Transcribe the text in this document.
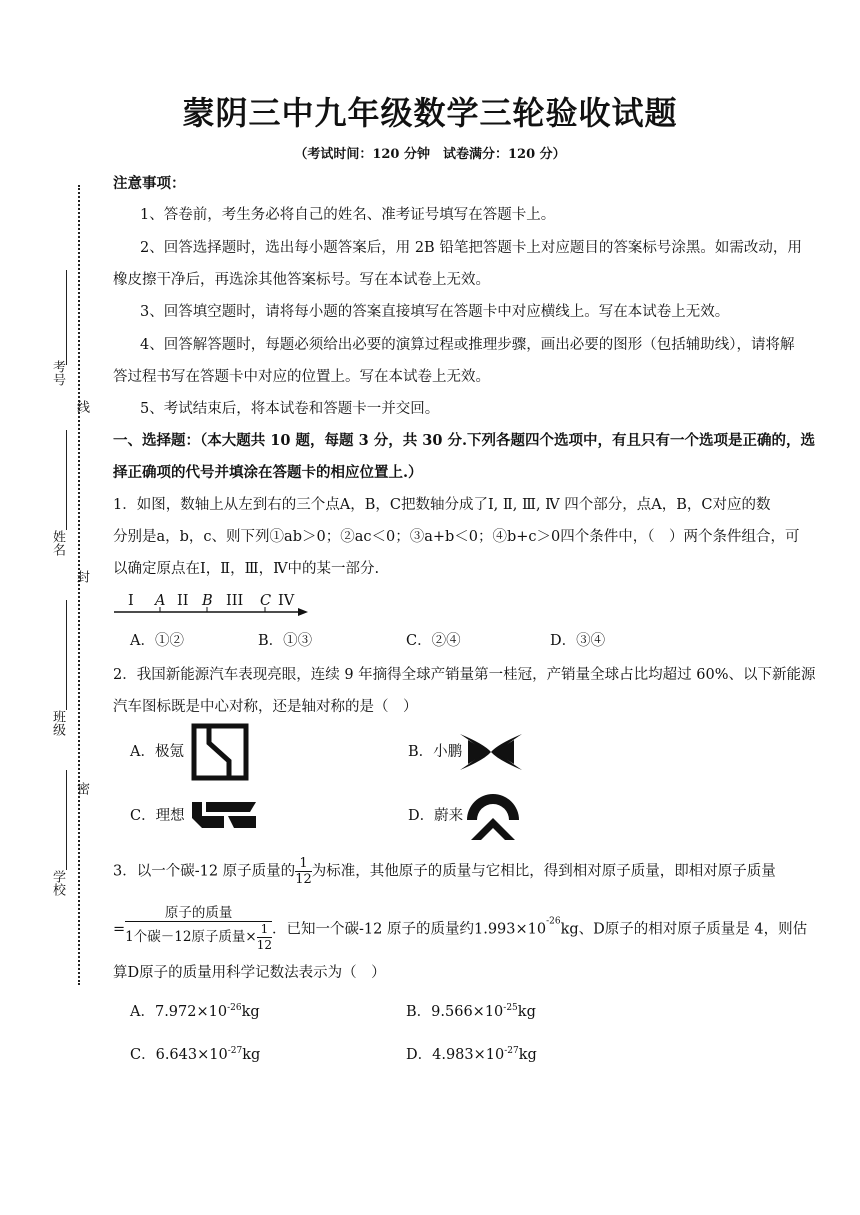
考号
线
姓名
封
班级
密
学校
蒙阴三中九年级数学三轮验收试题
（考试时间：120 分钟　试卷满分：120 分）
注意事项：
1、答卷前，考生务必将自己的姓名、准考证号填写在答题卡上。
2、回答选择题时，选出每小题答案后，用 2B 铅笔把答题卡上对应题目的答案标号涂黑。如需改动，用
橡皮擦干净后，再选涂其他答案标号。写在本试卷上无效。
3、回答填空题时，请将每小题的答案直接填写在答题卡中对应横线上。写在本试卷上无效。
4、回答解答题时，每题必须给出必要的演算过程或推理步骤，画出必要的图形（包括辅助线），请将解
答过程书写在答题卡中对应的位置上。写在本试卷上无效。
5、考试结束后，将本试卷和答题卡一并交回。
一、选择题：（本大题共 10 题，每题 3 分，共 30 分.下列各题四个选项中，有且只有一个选项是正确的，选
择正确项的代号并填涂在答题卡的相应位置上.）
1．如图，数轴上从左到右的三个点A，B，C把数轴分成了Ⅰ, Ⅱ, Ⅲ, Ⅳ 四个部分，点A，B，C对应的数
分别是a，b，c、则下列①ab＞0；②ac＜0；③a+b＜0；④b+c＞0四个条件中，（　）两个条件组合，可
以确定原点在Ⅰ，Ⅱ，Ⅲ，Ⅳ中的某一部分.
I A II B III C IV
A．①②	B．①③	C．②④	D．③④
2．我国新能源汽车表现亮眼，连续 9 年摘得全球产销量第一桂冠，产销量全球占比均超过 60%、以下新能源
汽车图标既是中心对称，还是轴对称的是（　）
A．极氪	B．小鹏
C．理想	D．蔚来
3．以一个碳-12 原子质量的 $\frac{1}{12}$ 为标准，其他原子的质量与它相比，得到相对原子质量，即相对原子质量
= $\frac{\text{原子的质量}}{1个碳-12原子质量\times \frac{1}{12}}$ ．已知一个碳-12 原子的质量约$1.993\times 10^{-26}kg$、D原子的相对原子质量是 4，则估
算D原子的质量用科学记数法表示为（　）
A．$7.972\times 10^{-26}kg$	B．$9.566\times 10^{-25}kg$
C．$6.643\times 10^{-27}kg$	D．$4.983\times 10^{-27}kg$
